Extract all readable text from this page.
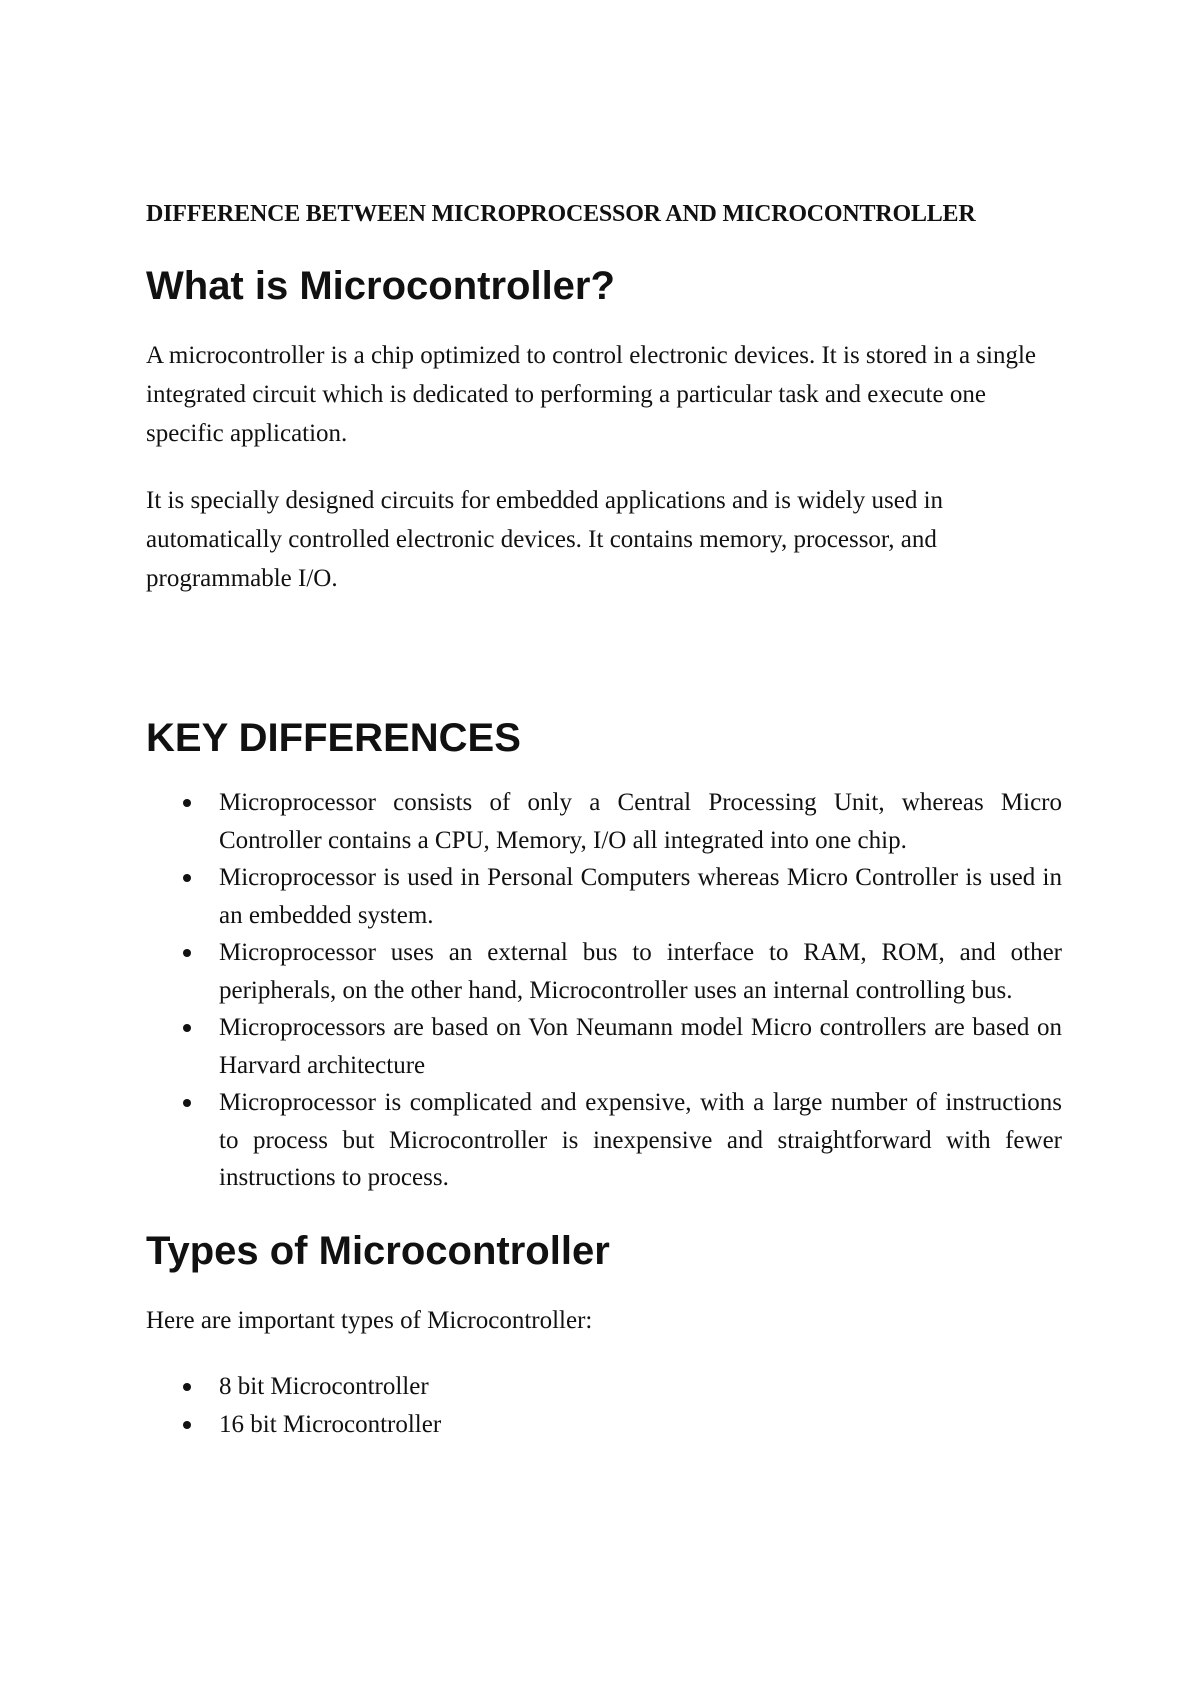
DIFFERENCE BETWEEN MICROPROCESSOR AND MICROCONTROLLER
What is Microcontroller?

A microcontroller is a chip optimized to control electronic devices. It is stored in a single integrated circuit which is dedicated to performing a particular task and execute one specific application.

It is specially designed circuits for embedded applications and is widely used in automatically controlled electronic devices. It contains memory, processor, and programmable I/O.

KEY DIFFERENCES
Microprocessor consists of only a Central Processing Unit, whereas Micro Controller contains a CPU, Memory, I/O all integrated into one chip.
Microprocessor is used in Personal Computers whereas Micro Controller is used in an embedded system.
Microprocessor uses an external bus to interface to RAM, ROM, and other peripherals, on the other hand, Microcontroller uses an internal controlling bus.
Microprocessors are based on Von Neumann model Micro controllers are based on Harvard architecture
Microprocessor is complicated and expensive, with a large number of instructions to process but Microcontroller is inexpensive and straightforward with fewer instructions to process.
Types of Microcontroller

Here are important types of Microcontroller:

8 bit Microcontroller
16 bit Microcontroller
